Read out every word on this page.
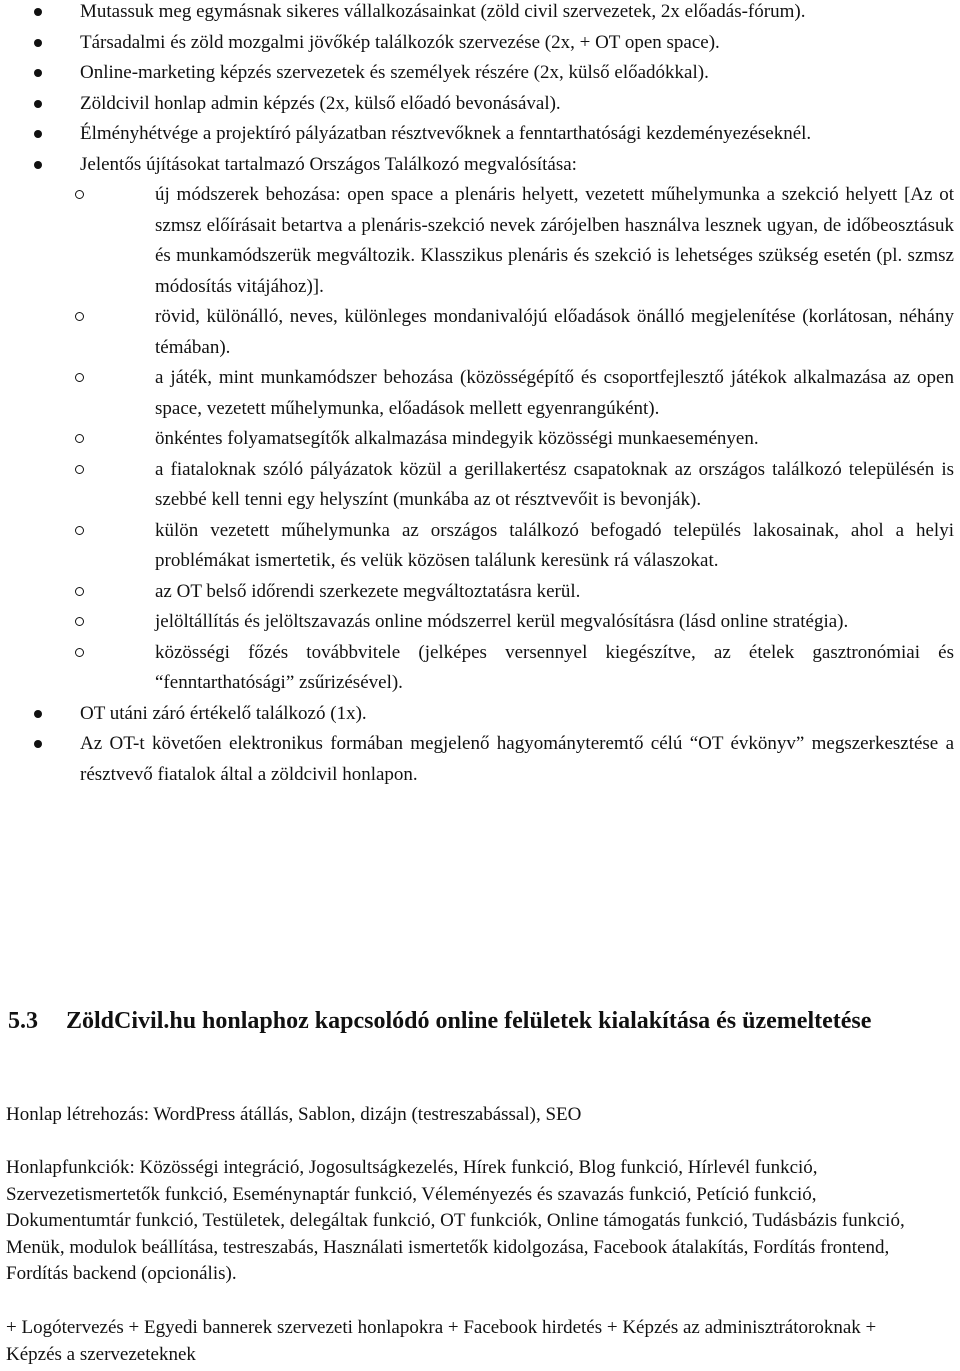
Mutassuk meg egymásnak sikeres vállalkozásainkat (zöld civil szervezetek, 2x előadás-fórum).
Társadalmi és zöld mozgalmi jövőkép találkozók szervezése (2x, + OT open space).
Online-marketing képzés szervezetek és személyek részére (2x, külső előadókkal).
Zöldcivil honlap admin képzés (2x, külső előadó bevonásával).
Élményhétvége a projektíró pályázatban résztvevőknek a fenntarthatósági kezdeményezéseknél.
Jelentős újításokat tartalmazó Országos Találkozó megvalósítása:
új módszerek behozása: open space a plenáris helyett, vezetett műhelymunka a szekció helyett [Az ot szmsz előírásait betartva a plenáris-szekció nevek zárójelben használva lesznek ugyan, de időbeosztásuk és munkamódszerük megváltozik. Klasszikus plenáris és szekció is lehetséges szükség esetén (pl. szmsz módosítás vitájához)].
rövid, különálló, neves, különleges mondanivalójú előadások önálló megjelenítése (korlátosan, néhány témában).
a játék, mint munkamódszer behozása (közösségépítő és csoportfejlesztő játékok alkalmazása az open space, vezetett műhelymunka, előadások mellett egyenrangúként).
önkéntes folyamatsegítők alkalmazása mindegyik közösségi munkaeseményen.
a fiataloknak szóló pályázatok közül a gerillakertész csapatoknak az országos találkozó településén is szebbé kell tenni egy helyszínt (munkába az ot résztvevőit is bevonják).
külön vezetett műhelymunka az országos találkozó befogadó település lakosainak, ahol a helyi problémákat ismertetik, és velük közösen találunk keresünk rá válaszokat.
az OT belső időrendi szerkezete megváltoztatásra kerül.
jelöltállítás és jelöltszavazás online módszerrel kerül megvalósításra (lásd online stratégia).
közösségi főzés továbbvitele (jelképes versennyel kiegészítve, az ételek gasztronómiai és “fenntarthatósági” zsűrizésével).
OT utáni záró értékelő találkozó (1x).
Az OT-t követően elektronikus formában megjelenő hagyományteremtő célú “OT évkönyv” megszerkesztése a résztvevő fiatalok által a zöldcivil honlapon.
5.3 ZöldCivil.hu honlaphoz kapcsolódó online felületek kialakítása és üzemeltetése
Honlap létrehozás: WordPress átállás, Sablon, dizájn (testreszabással), SEO
Honlapfunkciók: Közösségi integráció, Jogosultságkezelés, Hírek funkció, Blog funkció, Hírlevél funkció, Szervezetismertetők funkció, Eseménynaptár funkció, Véleményezés és szavazás funkció, Petíció funkció, Dokumentumtár funkció, Testületek, delegáltak funkció, OT funkciók, Online támogatás funkció, Tudásbázis funkció, Menük, modulok beállítása, testreszabás, Használati ismertetők kidolgozása, Facebook átalakítás, Fordítás frontend, Fordítás backend (opcionális).
+ Logótervezés + Egyedi bannerek szervezeti honlapokra + Facebook hirdetés + Képzés az adminisztrátoroknak + Képzés a szervezeteknek
